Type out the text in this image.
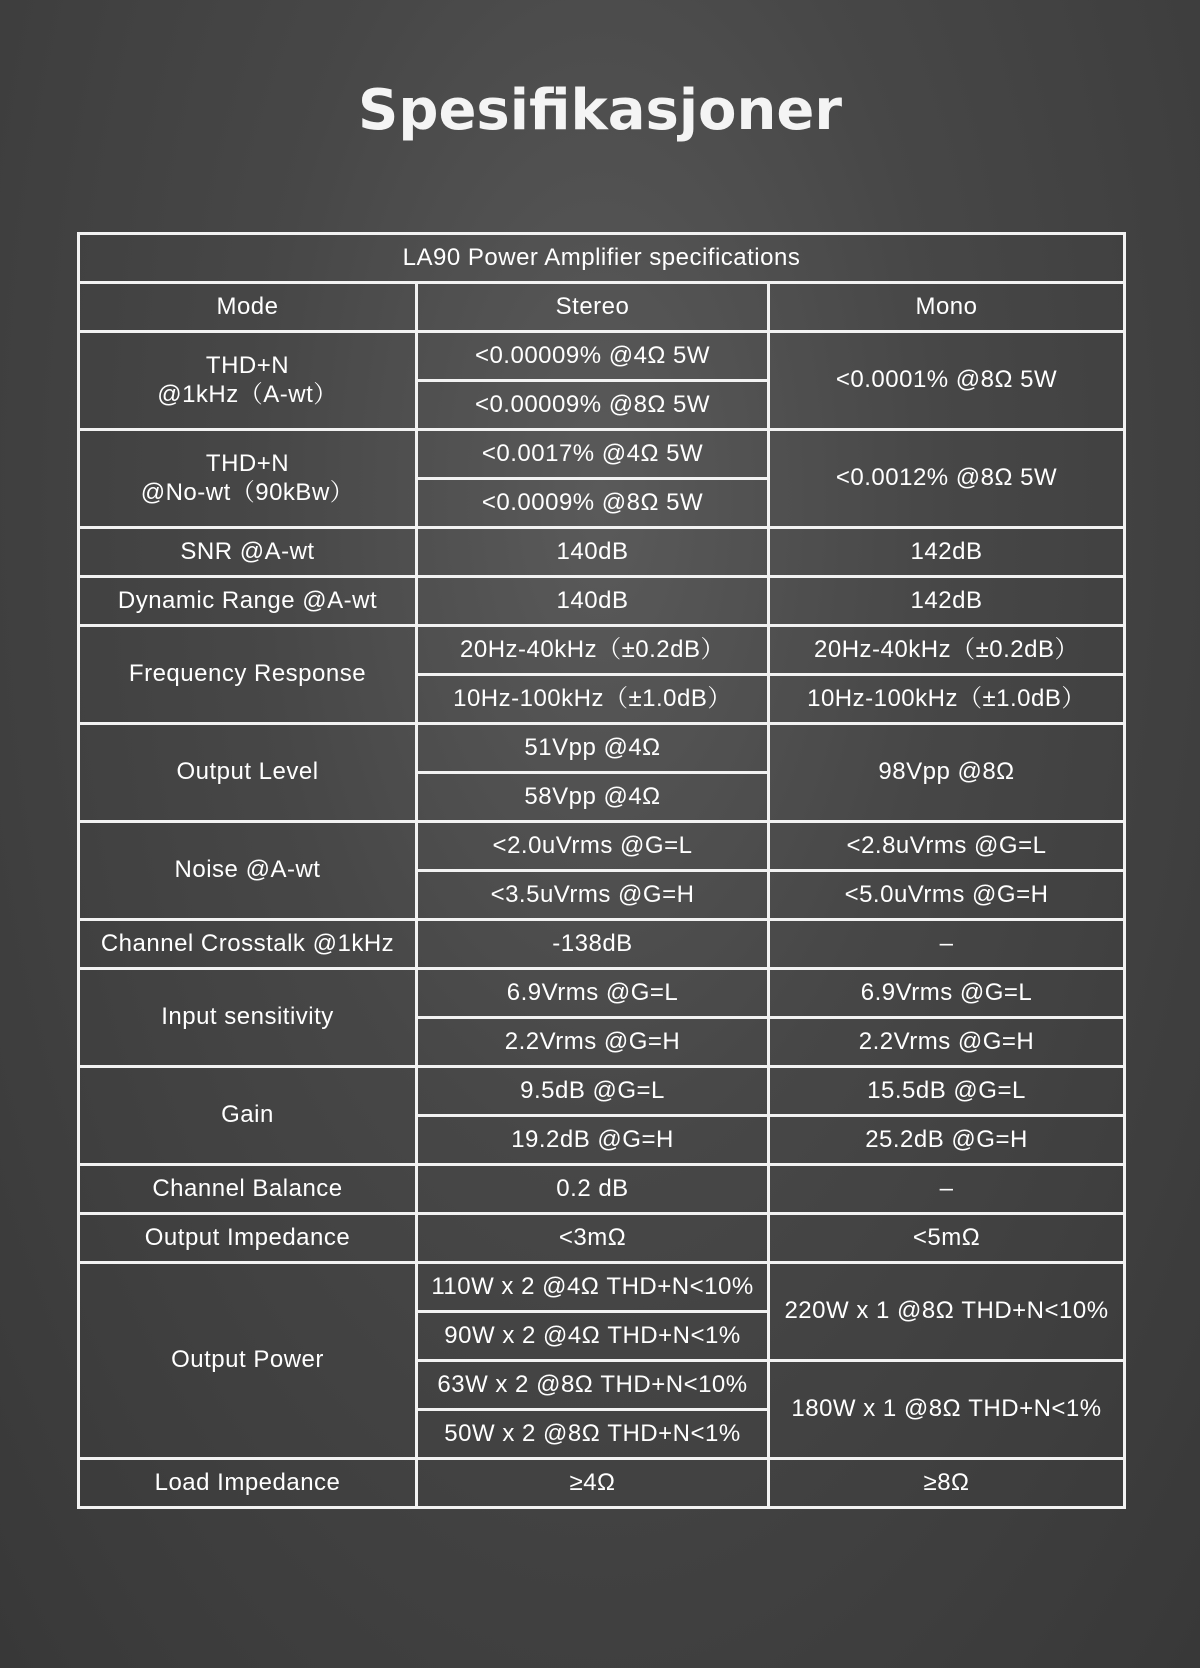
Spesifikasjoner
LA90 Power Amplifier specifications		
Mode	Stereo	Mono

THD+N
@1kHz（A-wt）	<0.00009% @4Ω 5W	<0.0001% @8Ω 5W
	<0.00009% @8Ω 5W	

THD+N
@No-wt（90kBw）	<0.0017% @4Ω 5W	<0.0012% @8Ω 5W
	<0.0009% @8Ω 5W	
SNR @A-wt	140dB	142dB
Dynamic Range @A-wt	140dB	142dB
Frequency Response	20Hz-40kHz（±0.2dB）	20Hz-40kHz（±0.2dB）
	10Hz-100kHz（±1.0dB）	10Hz-100kHz（±1.0dB）
Output Level	51Vpp @4Ω	98Vpp @8Ω
	58Vpp @4Ω	
Noise @A-wt	<2.0uVrms @G=L	<2.8uVrms @G=L
	<3.5uVrms @G=H	<5.0uVrms @G=H
Channel Crosstalk @1kHz	-138dB	–
Input sensitivity	6.9Vrms @G=L	6.9Vrms @G=L
	2.2Vrms @G=H	2.2Vrms @G=H
Gain	9.5dB @G=L	15.5dB @G=L
	19.2dB @G=H	25.2dB @G=H
Channel Balance	0.2 dB	–
Output Impedance	<3mΩ	<5mΩ
Output Power	110W x 2 @4Ω THD+N<10%	220W x 1 @8Ω THD+N<10%
	90W x 2 @4Ω THD+N<1%	
	63W x 2 @8Ω THD+N<10%	180W x 1 @8Ω THD+N<1%
	50W x 2 @8Ω THD+N<1%	
Load Impedance	≥4Ω	≥8Ω
